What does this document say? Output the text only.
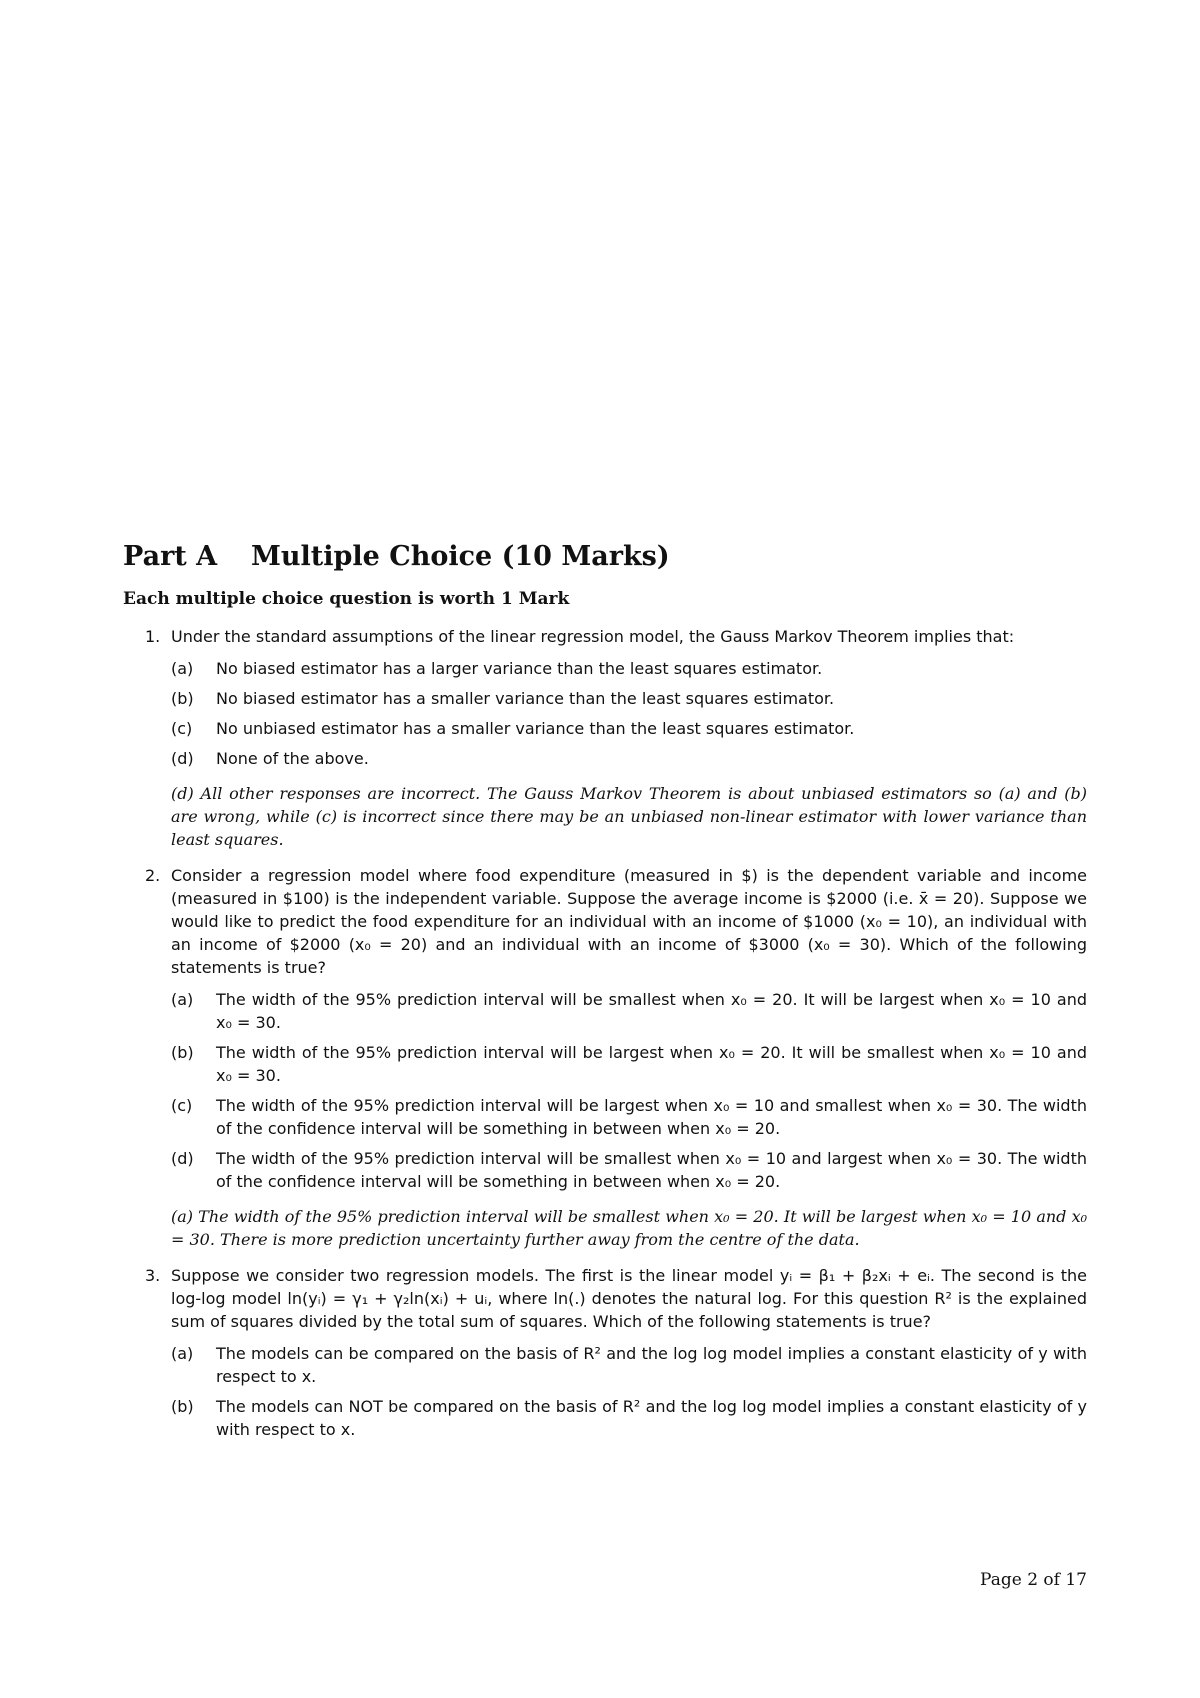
Part A Multiple Choice (10 Marks)

Each multiple choice question is worth 1 Mark

1. Under the standard assumptions of the linear regression model, the Gauss Markov Theorem implies that:

(a) No biased estimator has a larger variance than the least squares estimator.
(b) No biased estimator has a smaller variance than the least squares estimator.
(c) No unbiased estimator has a smaller variance than the least squares estimator.
(d) None of the above.

(d) All other responses are incorrect. The Gauss Markov Theorem is about unbiased estimators so (a) and (b) are wrong, while (c) is incorrect since there may be an unbiased non-linear estimator with lower variance than least squares.

2. Consider a regression model where food expenditure (measured in $) is the dependent variable and income (measured in $100) is the independent variable. Suppose the average income is $2000 (i.e. x̄ = 20). Suppose we would like to predict the food expenditure for an individual with an income of $1000 (x₀ = 10), an individual with an income of $2000 (x₀ = 20) and an individual with an income of $3000 (x₀ = 30). Which of the following statements is true?

(a) The width of the 95% prediction interval will be smallest when x₀ = 20. It will be largest when x₀ = 10 and x₀ = 30.
(b) The width of the 95% prediction interval will be largest when x₀ = 20. It will be smallest when x₀ = 10 and x₀ = 30.
(c) The width of the 95% prediction interval will be largest when x₀ = 10 and smallest when x₀ = 30. The width of the confidence interval will be something in between when x₀ = 20.
(d) The width of the 95% prediction interval will be smallest when x₀ = 10 and largest when x₀ = 30. The width of the confidence interval will be something in between when x₀ = 20.

(a) The width of the 95% prediction interval will be smallest when x₀ = 20. It will be largest when x₀ = 10 and x₀ = 30. There is more prediction uncertainty further away from the centre of the data.

3. Suppose we consider two regression models. The first is the linear model yᵢ = β₁ + β₂xᵢ + eᵢ. The second is the log-log model ln(yᵢ) = γ₁ + γ₂ln(xᵢ) + uᵢ, where ln(.) denotes the natural log. For this question R² is the explained sum of squares divided by the total sum of squares. Which of the following statements is true?

(a) The models can be compared on the basis of R² and the log log model implies a constant elasticity of y with respect to x.
(b) The models can NOT be compared on the basis of R² and the log log model implies a constant elasticity of y with respect to x.
Page 2 of 17
